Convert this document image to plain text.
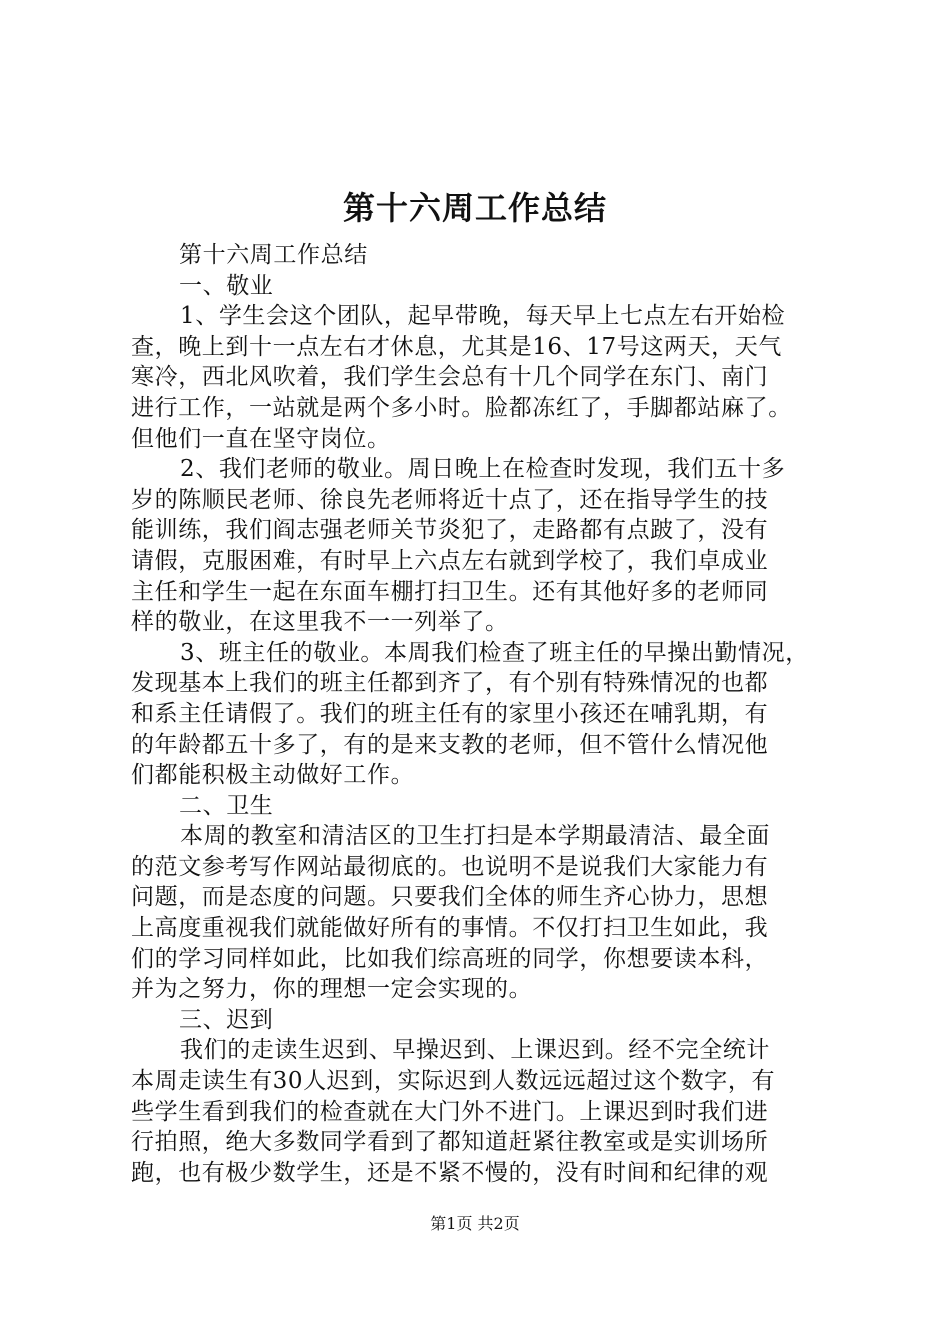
第十六周工作总结
第十六周工作总结
一、敬业
1、学生会这个团队，起早带晚，每天早上七点左右开始检
查，晚上到十一点左右才休息，尤其是16、17号这两天，天气
寒冷，西北风吹着，我们学生会总有十几个同学在东门、南门
进行工作，一站就是两个多小时。脸都冻红了，手脚都站麻了。
但他们一直在坚守岗位。
2、我们老师的敬业。周日晚上在检查时发现，我们五十多
岁的陈顺民老师、徐良先老师将近十点了，还在指导学生的技
能训练，我们阎志强老师关节炎犯了，走路都有点跛了，没有
请假，克服困难，有时早上六点左右就到学校了，我们卓成业
主任和学生一起在东面车棚打扫卫生。还有其他好多的老师同
样的敬业，在这里我不一一列举了。
3、班主任的敬业。本周我们检查了班主任的早操出勤情况，
发现基本上我们的班主任都到齐了，有个别有特殊情况的也都
和系主任请假了。我们的班主任有的家里小孩还在哺乳期，有
的年龄都五十多了，有的是来支教的老师，但不管什么情况他
们都能积极主动做好工作。
二、卫生
本周的教室和清洁区的卫生打扫是本学期最清洁、最全面
的范文参考写作网站最彻底的。也说明不是说我们大家能力有
问题，而是态度的问题。只要我们全体的师生齐心协力，思想
上高度重视我们就能做好所有的事情。不仅打扫卫生如此，我
们的学习同样如此，比如我们综高班的同学，你想要读本科，
并为之努力，你的理想一定会实现的。
三、迟到
我们的走读生迟到、早操迟到、上课迟到。经不完全统计
本周走读生有30人迟到，实际迟到人数远远超过这个数字，有
些学生看到我们的检查就在大门外不进门。上课迟到时我们进
行拍照，绝大多数同学看到了都知道赶紧往教室或是实训场所
跑，也有极少数学生，还是不紧不慢的，没有时间和纪律的观
第1页 共2页
